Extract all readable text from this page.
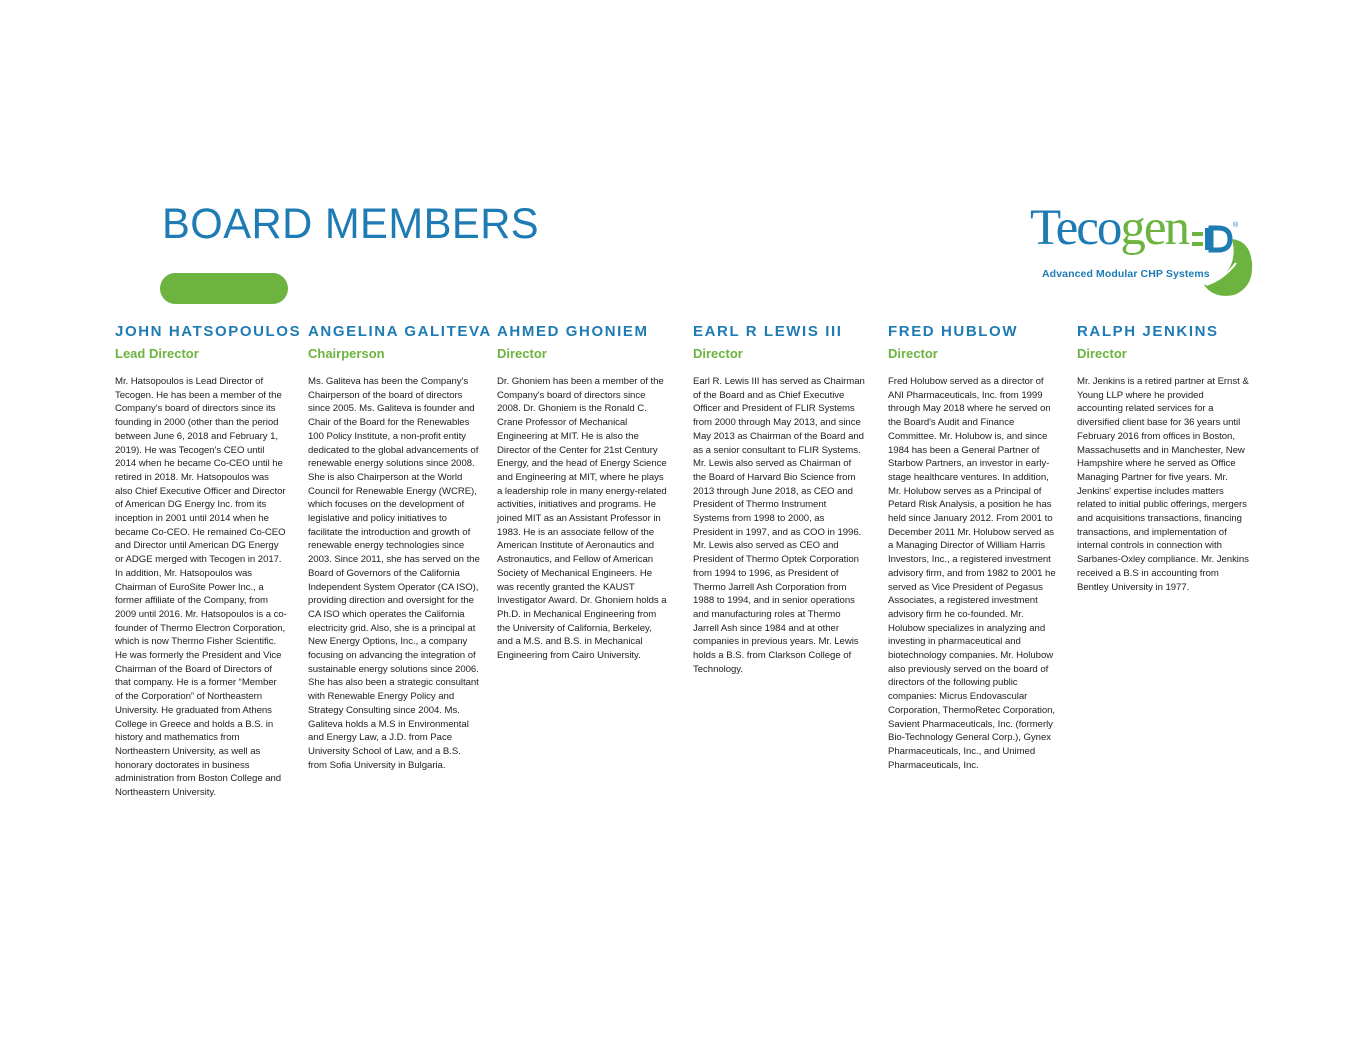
BOARD MEMBERS	Tecogen	®
Advanced Modular CHP Systems
JOHN HATSOPOULOS
Lead Director
Mr. Hatsopoulos is Lead Director of Tecogen. He has been a member of the Company's board of directors since its founding in 2000 (other than the period between June 6, 2018 and February 1, 2019). He was Tecogen's CEO until 2014 when he became Co-CEO until he retired in 2018. Mr. Hatsopoulos was also Chief Executive Officer and Director of American DG Energy Inc. from its inception in 2001 until 2014 when he became Co-CEO. He remained Co-CEO and Director until American DG Energy or ADGE merged with Tecogen in 2017. In addition, Mr. Hatsopoulos was Chairman of EuroSite Power Inc., a former affiliate of the Company, from 2009 until 2016. Mr. Hatsopoulos is a co-founder of Thermo Electron Corporation, which is now Thermo Fisher Scientific. He was formerly the President and Vice Chairman of the Board of Directors of that company. He is a former “Member of the Corporation” of Northeastern University. He graduated from Athens College in Greece and holds a B.S. in history and mathematics from Northeastern University, as well as honorary doctorates in business administration from Boston College and Northeastern University.
ANGELINA GALITEVA
Chairperson
Ms. Galiteva has been the Company's Chairperson of the board of directors since 2005. Ms. Galiteva is founder and Chair of the Board for the Renewables 100 Policy Institute, a non-profit entity dedicated to the global advancements of renewable energy solutions since 2008. She is also Chairperson at the World Council for Renewable Energy (WCRE), which focuses on the development of legislative and policy initiatives to facilitate the introduction and growth of renewable energy technologies since 2003. Since 2011, she has served on the Board of Governors of the California Independent System Operator (CA ISO), providing direction and oversight for the CA ISO which operates the California electricity grid. Also, she is a principal at New Energy Options, Inc., a company focusing on advancing the integration of sustainable energy solutions since 2006. She has also been a strategic consultant with Renewable Energy Policy and Strategy Consulting since 2004. Ms. Galiteva holds a M.S in Environmental and Energy Law, a J.D. from Pace University School of Law, and a B.S. from Sofia University in Bulgaria.
AHMED GHONIEM
Director
Dr. Ghoniem has been a member of the Company's board of directors since 2008. Dr. Ghoniem is the Ronald C. Crane Professor of Mechanical Engineering at MIT. He is also the Director of the Center for 21st Century Energy, and the head of Energy Science and Engineering at MIT, where he plays a leadership role in many energy-related activities, initiatives and programs. He joined MIT as an Assistant Professor in 1983. He is an associate fellow of the American Institute of Aeronautics and Astronautics, and Fellow of American Society of Mechanical Engineers. He was recently granted the KAUST Investigator Award. Dr. Ghoniem holds a Ph.D. in Mechanical Engineering from the University of California, Berkeley, and a M.S. and B.S. in Mechanical Engineering from Cairo University.
EARL R LEWIS III
Director
Earl R. Lewis III has served as Chairman of the Board and as Chief Executive Officer and President of FLIR Systems from 2000 through May 2013, and since May 2013 as Chairman of the Board and as a senior consultant to FLIR Systems. Mr. Lewis also served as Chairman of the Board of Harvard Bio Science from 2013 through June 2018, as CEO and President of Thermo Instrument Systems from 1998 to 2000, as President in 1997, and as COO in 1996. Mr. Lewis also served as CEO and President of Thermo Optek Corporation from 1994 to 1996, as President of Thermo Jarrell Ash Corporation from 1988 to 1994, and in senior operations and manufacturing roles at Thermo Jarrell Ash since 1984 and at other companies in previous years. Mr. Lewis holds a B.S. from Clarkson College of Technology.
FRED HUBLOW
Director
Fred Holubow served as a director of ANI Pharmaceuticals, Inc. from 1999 through May 2018 where he served on the Board's Audit and Finance Committee. Mr. Holubow is, and since 1984 has been a General Partner of Starbow Partners, an investor in early-stage healthcare ventures. In addition, Mr. Holubow serves as a Principal of Petard Risk Analysis, a position he has held since January 2012. From 2001 to December 2011 Mr. Holubow served as a Managing Director of William Harris Investors, Inc., a registered investment advisory firm, and from 1982 to 2001 he served as Vice President of Pegasus Associates, a registered investment advisory firm he co-founded. Mr. Holubow specializes in analyzing and investing in pharmaceutical and biotechnology companies. Mr. Holubow also previously served on the board of directors of the following public companies: Micrus Endovascular Corporation, ThermoRetec Corporation, Savient Pharmaceuticals, Inc. (formerly Bio-Technology General Corp.), Gynex Pharmaceuticals, Inc., and Unimed Pharmaceuticals, Inc.
RALPH JENKINS
Director
Mr. Jenkins is a retired partner at Ernst & Young LLP where he provided accounting related services for a diversified client base for 36 years until February 2016 from offices in Boston, Massachusetts and in Manchester, New Hampshire where he served as Office Managing Partner for five years. Mr. Jenkins' expertise includes matters related to initial public offerings, mergers and acquisitions transactions, financing transactions, and implementation of internal controls in connection with Sarbanes-Oxley compliance. Mr. Jenkins received a B.S in accounting from Bentley University in 1977.
